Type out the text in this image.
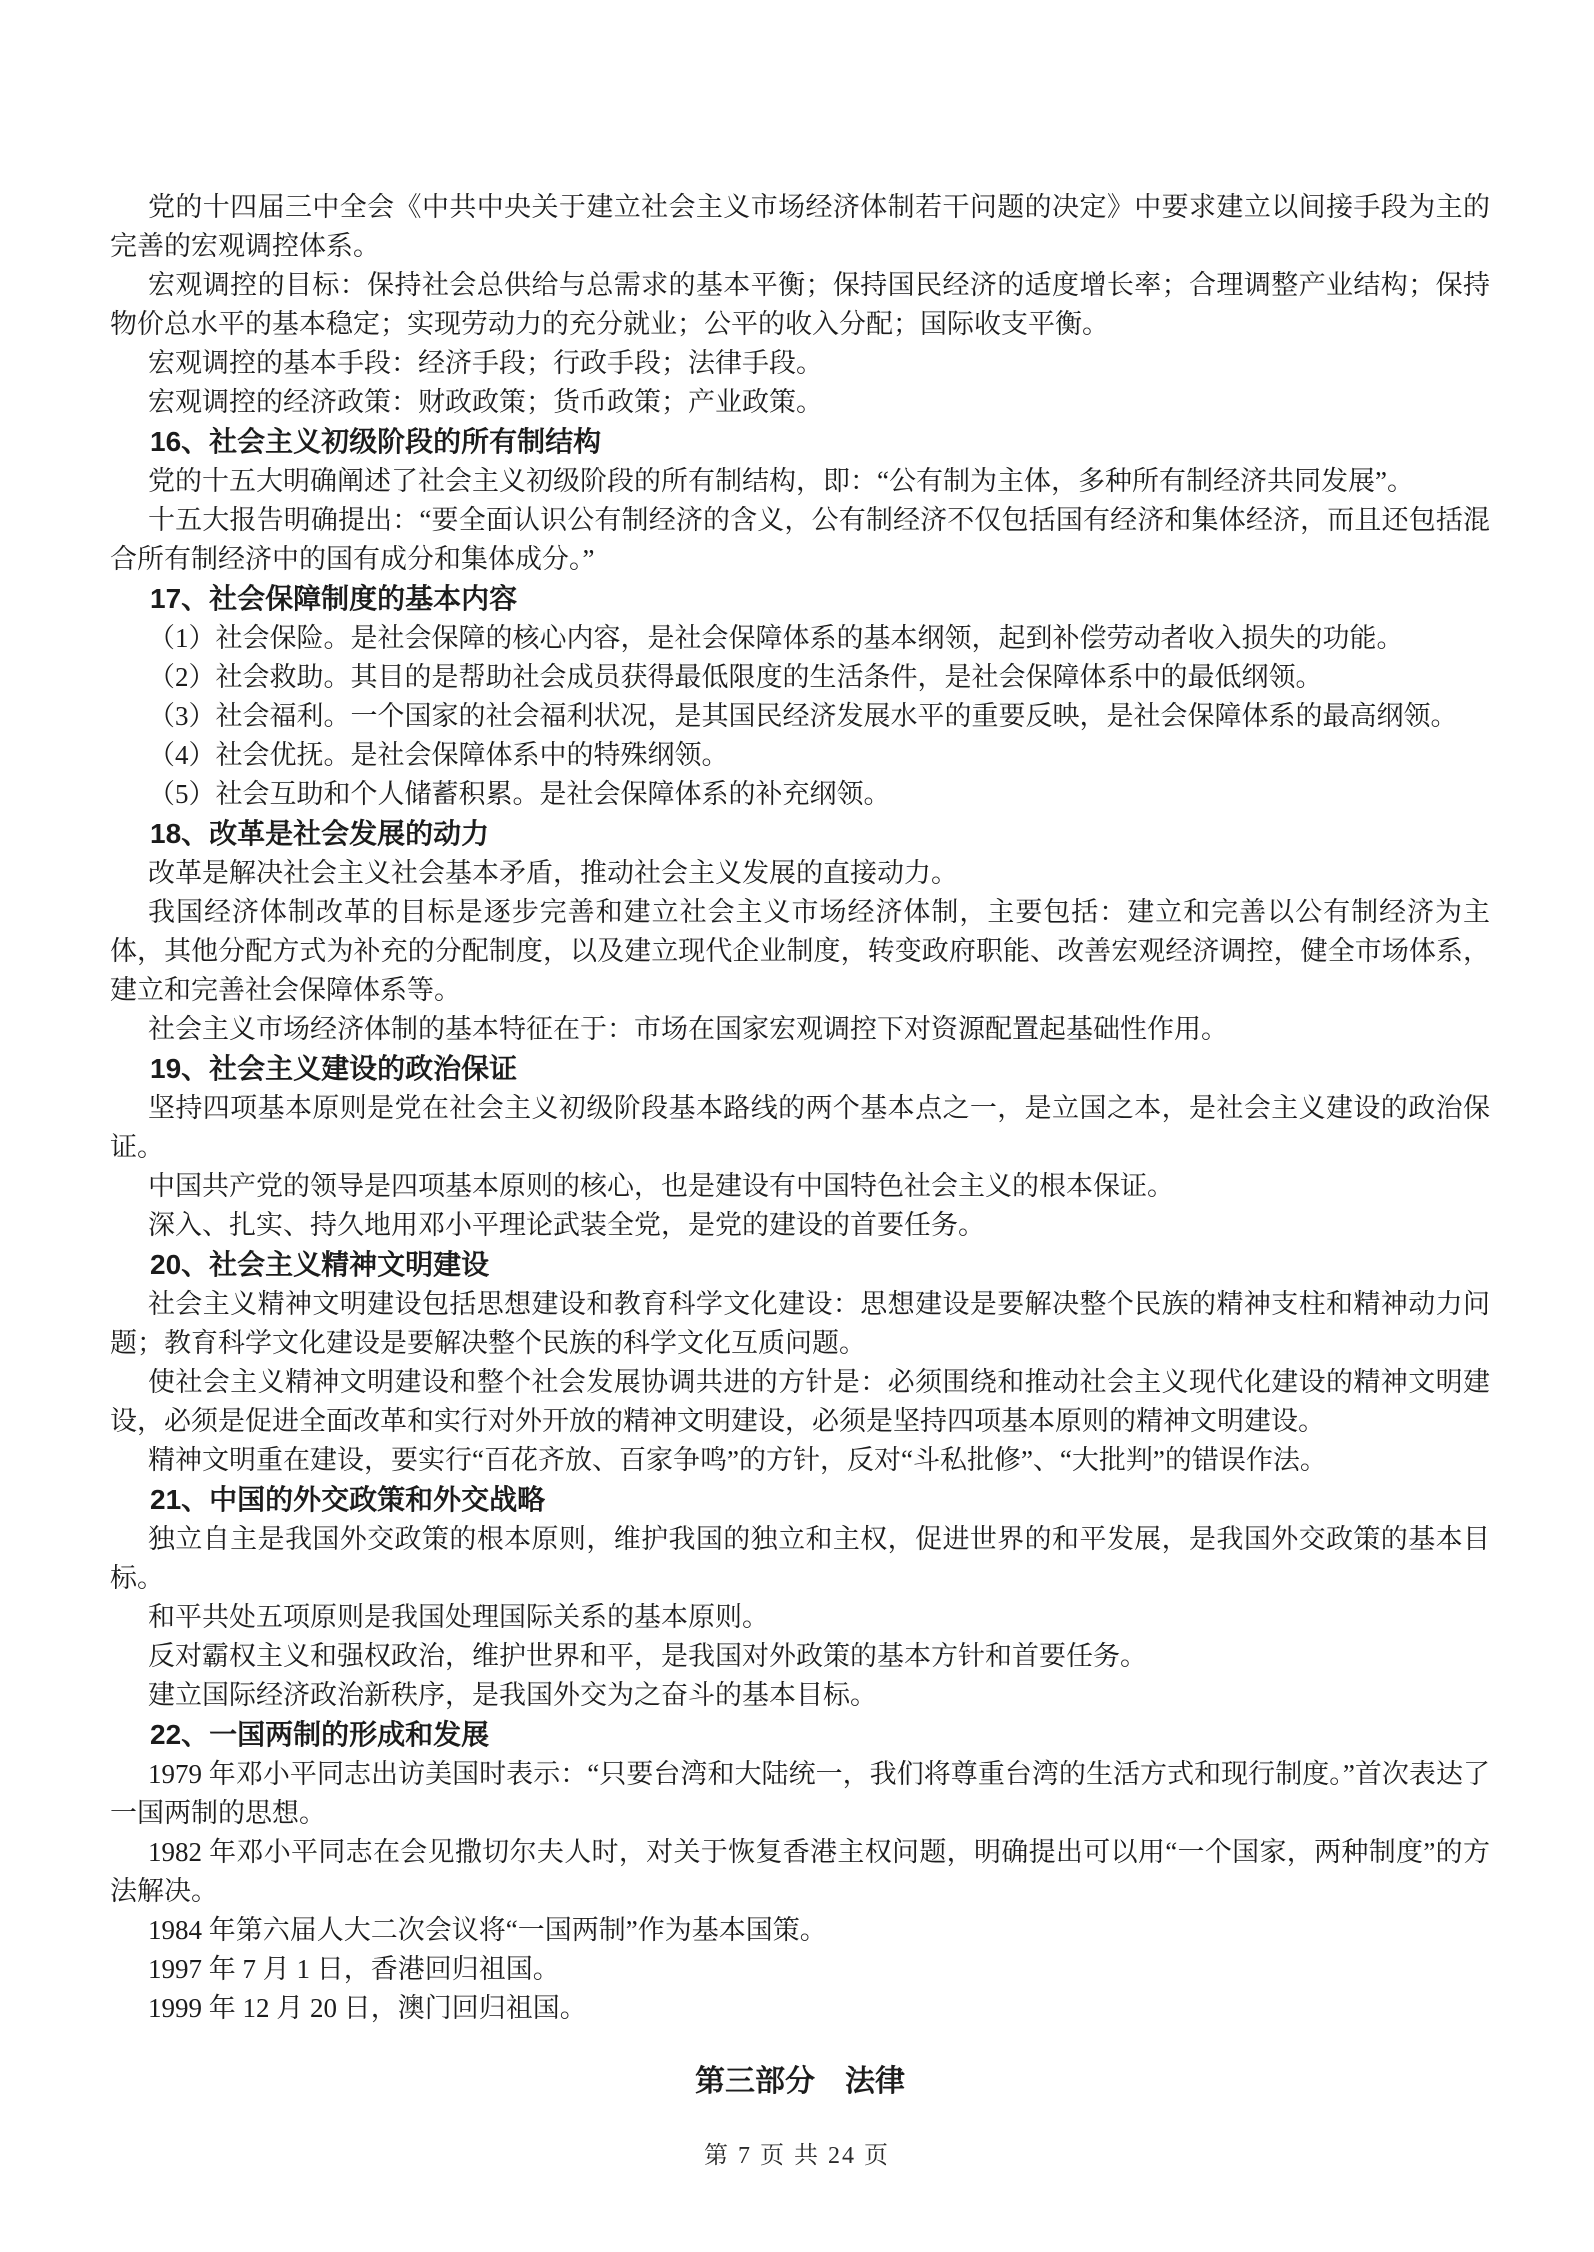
党的十四届三中全会《中共中央关于建立社会主义市场经济体制若干问题的决定》中要求建立以间接手段为主的完善的宏观调控体系。

宏观调控的目标：保持社会总供给与总需求的基本平衡；保持国民经济的适度增长率；合理调整产业结构；保持物价总水平的基本稳定；实现劳动力的充分就业；公平的收入分配；国际收支平衡。

宏观调控的基本手段：经济手段；行政手段；法律手段。

宏观调控的经济政策：财政政策；货币政策；产业政策。

16、社会主义初级阶段的所有制结构

党的十五大明确阐述了社会主义初级阶段的所有制结构，即：“公有制为主体，多种所有制经济共同发展”。

十五大报告明确提出：“要全面认识公有制经济的含义，公有制经济不仅包括国有经济和集体经济，而且还包括混合所有制经济中的国有成分和集体成分。”

17、社会保障制度的基本内容

（1）社会保险。是社会保障的核心内容，是社会保障体系的基本纲领，起到补偿劳动者收入损失的功能。

（2）社会救助。其目的是帮助社会成员获得最低限度的生活条件，是社会保障体系中的最低纲领。

（3）社会福利。一个国家的社会福利状况，是其国民经济发展水平的重要反映，是社会保障体系的最高纲领。

（4）社会优抚。是社会保障体系中的特殊纲领。

（5）社会互助和个人储蓄积累。是社会保障体系的补充纲领。

18、改革是社会发展的动力

改革是解决社会主义社会基本矛盾，推动社会主义发展的直接动力。

我国经济体制改革的目标是逐步完善和建立社会主义市场经济体制，主要包括：建立和完善以公有制经济为主体，其他分配方式为补充的分配制度，以及建立现代企业制度，转变政府职能、改善宏观经济调控，健全市场体系，建立和完善社会保障体系等。

社会主义市场经济体制的基本特征在于：市场在国家宏观调控下对资源配置起基础性作用。

19、社会主义建设的政治保证

坚持四项基本原则是党在社会主义初级阶段基本路线的两个基本点之一，是立国之本，是社会主义建设的政治保证。

中国共产党的领导是四项基本原则的核心，也是建设有中国特色社会主义的根本保证。

深入、扎实、持久地用邓小平理论武装全党，是党的建设的首要任务。

20、社会主义精神文明建设

社会主义精神文明建设包括思想建设和教育科学文化建设：思想建设是要解决整个民族的精神支柱和精神动力问题；教育科学文化建设是要解决整个民族的科学文化互质问题。

使社会主义精神文明建设和整个社会发展协调共进的方针是：必须围绕和推动社会主义现代化建设的精神文明建设，必须是促进全面改革和实行对外开放的精神文明建设，必须是坚持四项基本原则的精神文明建设。

精神文明重在建设，要实行“百花齐放、百家争鸣”的方针，反对“斗私批修”、“大批判”的错误作法。

21、中国的外交政策和外交战略

独立自主是我国外交政策的根本原则，维护我国的独立和主权，促进世界的和平发展，是我国外交政策的基本目标。

和平共处五项原则是我国处理国际关系的基本原则。

反对霸权主义和强权政治，维护世界和平，是我国对外政策的基本方针和首要任务。

建立国际经济政治新秩序，是我国外交为之奋斗的基本目标。

22、一国两制的形成和发展

1979 年邓小平同志出访美国时表示：“只要台湾和大陆统一，我们将尊重台湾的生活方式和现行制度。”首次表达了一国两制的思想。

1982 年邓小平同志在会见撒切尔夫人时，对关于恢复香港主权问题，明确提出可以用“一个国家，两种制度”的方法解决。

1984 年第六届人大二次会议将“一国两制”作为基本国策。

1997 年 7 月 1 日，香港回归祖国。

1999 年 12 月 20 日，澳门回归祖国。

第三部分　法律
第 7 页 共 24 页
